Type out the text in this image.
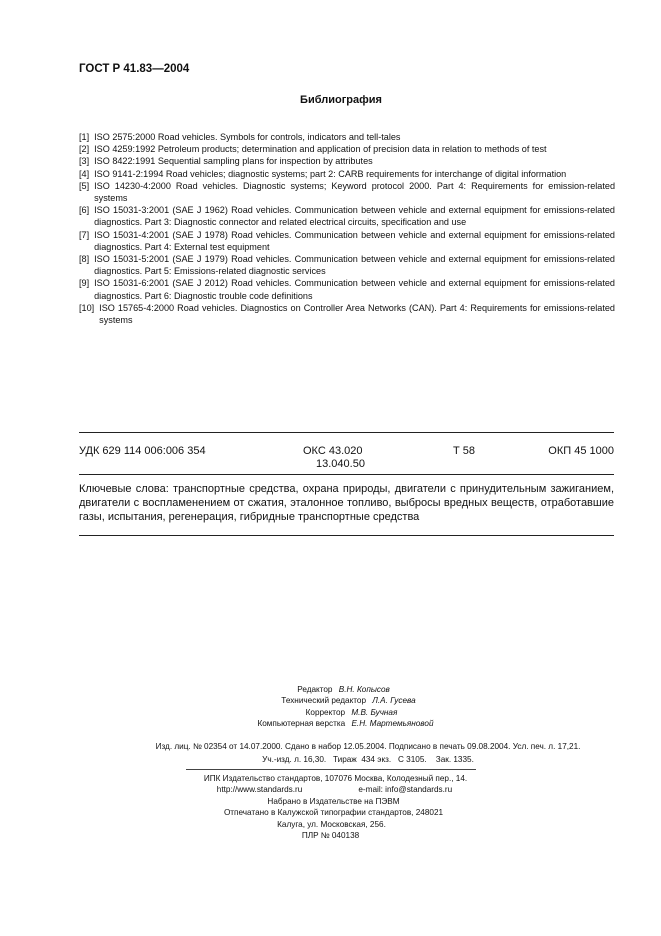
ГОСТ Р 41.83—2004
Библиография
[1] ISO 2575:2000 Road vehicles. Symbols for controls, indicators and tell-tales
[2] ISO 4259:1992 Petroleum products; determination and application of precision data in relation to methods of test
[3] ISO 8422:1991 Sequential sampling plans for inspection by attributes
[4] ISO 9141-2:1994 Road vehicles; diagnostic systems; part 2: CARB requirements for interchange of digital information
[5] ISO 14230-4:2000 Road vehicles. Diagnostic systems; Keyword protocol 2000. Part 4: Requirements for emission-related systems
[6] ISO 15031-3:2001 (SAE J 1962) Road vehicles. Communication between vehicle and external equipment for emissions-related diagnostics. Part 3: Diagnostic connector and related electrical circuits, specification and use
[7] ISO 15031-4:2001 (SAE J 1978) Road vehicles. Communication between vehicle and external equipment for emissions-related diagnostics. Part 4: External test equipment
[8] ISO 15031-5:2001 (SAE J 1979) Road vehicles. Communication between vehicle and external equipment for emissions-related diagnostics. Part 5: Emissions-related diagnostic services
[9] ISO 15031-6:2001 (SAE J 2012) Road vehicles. Communication between vehicle and external equipment for emissions-related diagnostics. Part 6: Diagnostic trouble code definitions
[10] ISO 15765-4:2000 Road vehicles. Diagnostics on Controller Area Networks (CAN). Part 4: Requirements for emissions-related systems
УДК 629 114 006:006 354	ОКС 43.020
13.040.50
Т 58	ОКП 45 1000
Ключевые слова: транспортные средства, охрана природы, двигатели с принудительным зажиганием, двигатели с воспламенением от сжатия, эталонное топливо, выбросы вредных веществ, отработавшие газы, испытания, регенерация, гибридные транспортные средства
Редактор В.Н. Копысов
Технический редактор Л.А. Гусева
Корректор М.В. Бучная
Компьютерная верстка Е.Н. Мартемьяновой
Изд. лиц. № 02354 от 14.07.2000. Сдано в набор 12.05.2004. Подписано в печать 09.08.2004. Усл. печ. л. 17,21.
Уч.-изд. л. 16,30.   Тираж  434 экз.   С 3105.    Зак. 1335.
ИПК Издательство стандартов, 107076 Москва, Колодезный пер., 14.
http://www.standards.ru	e-mail: info@standards.ru
Набрано в Издательстве на ПЭВМ
Отпечатано в Калужской типографии стандартов, 248021
Калуга, ул. Московская, 256.
ПЛР № 040138
